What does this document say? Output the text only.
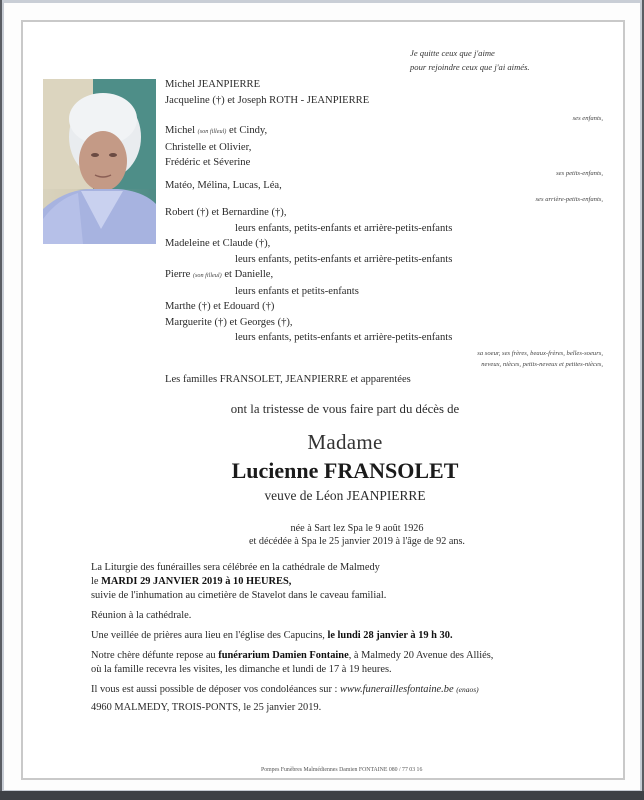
Je quitte ceux que j'aime
pour rejoindre ceux que j'ai aimés.
Michel JEANPIERRE
Jacqueline (†) et Joseph ROTH - JEANPIERRE
ses enfants,
Michel (son filleul) et Cindy,
Christelle et Olivier,
Frédéric et Séverine
ses petits-enfants,
Matéo, Mélina, Lucas, Léa,
ses arrière-petits-enfants,
Robert (†) et Bernardine (†),
leurs enfants, petits-enfants et arrière-petits-enfants
Madeleine et Claude (†),
leurs enfants, petits-enfants et arrière-petits-enfants
Pierre (son filleul) et Danielle,
leurs enfants et petits-enfants
Marthe (†) et Edouard (†)
Marguerite (†) et Georges (†),
leurs enfants, petits-enfants et arrière-petits-enfants
sa soeur, ses frères, beaux-frères, belles-soeurs,
neveux, nièces, petits-neveux et petites-nièces,
Les familles FRANSOLET, JEANPIERRE et apparentées
ont la tristesse de vous faire part du décès de
Madame
Lucienne FRANSOLET
veuve de Léon JEANPIERRE
née à Sart lez Spa le 9 août 1926
et décédée à Spa le 25 janvier 2019 à l'âge de 92 ans.
La Liturgie des funérailles sera célébrée en la cathédrale de Malmedy
le MARDI 29 JANVIER 2019 à 10 HEURES,
suivie de l'inhumation au cimetière de Stavelot dans le caveau familial.
Réunion à la cathédrale.
Une veillée de prières aura lieu en l'église des Capucins, le lundi 28 janvier à 19 h 30.
Notre chère défunte repose au funérarium Damien Fontaine, à Malmedy 20 Avenue des Alliés,
où la famille recevra les visites, les dimanche et lundi de 17 à 19 heures.
Il vous est aussi possible de déposer vos condoléances sur : www.funeraillesfontaine.be (enaos)
4960 MALMEDY, TROIS-PONTS, le 25 janvier 2019.
Pompes Funèbres Malmédiennes Damien FONTAINE 080 / 77 03 16
